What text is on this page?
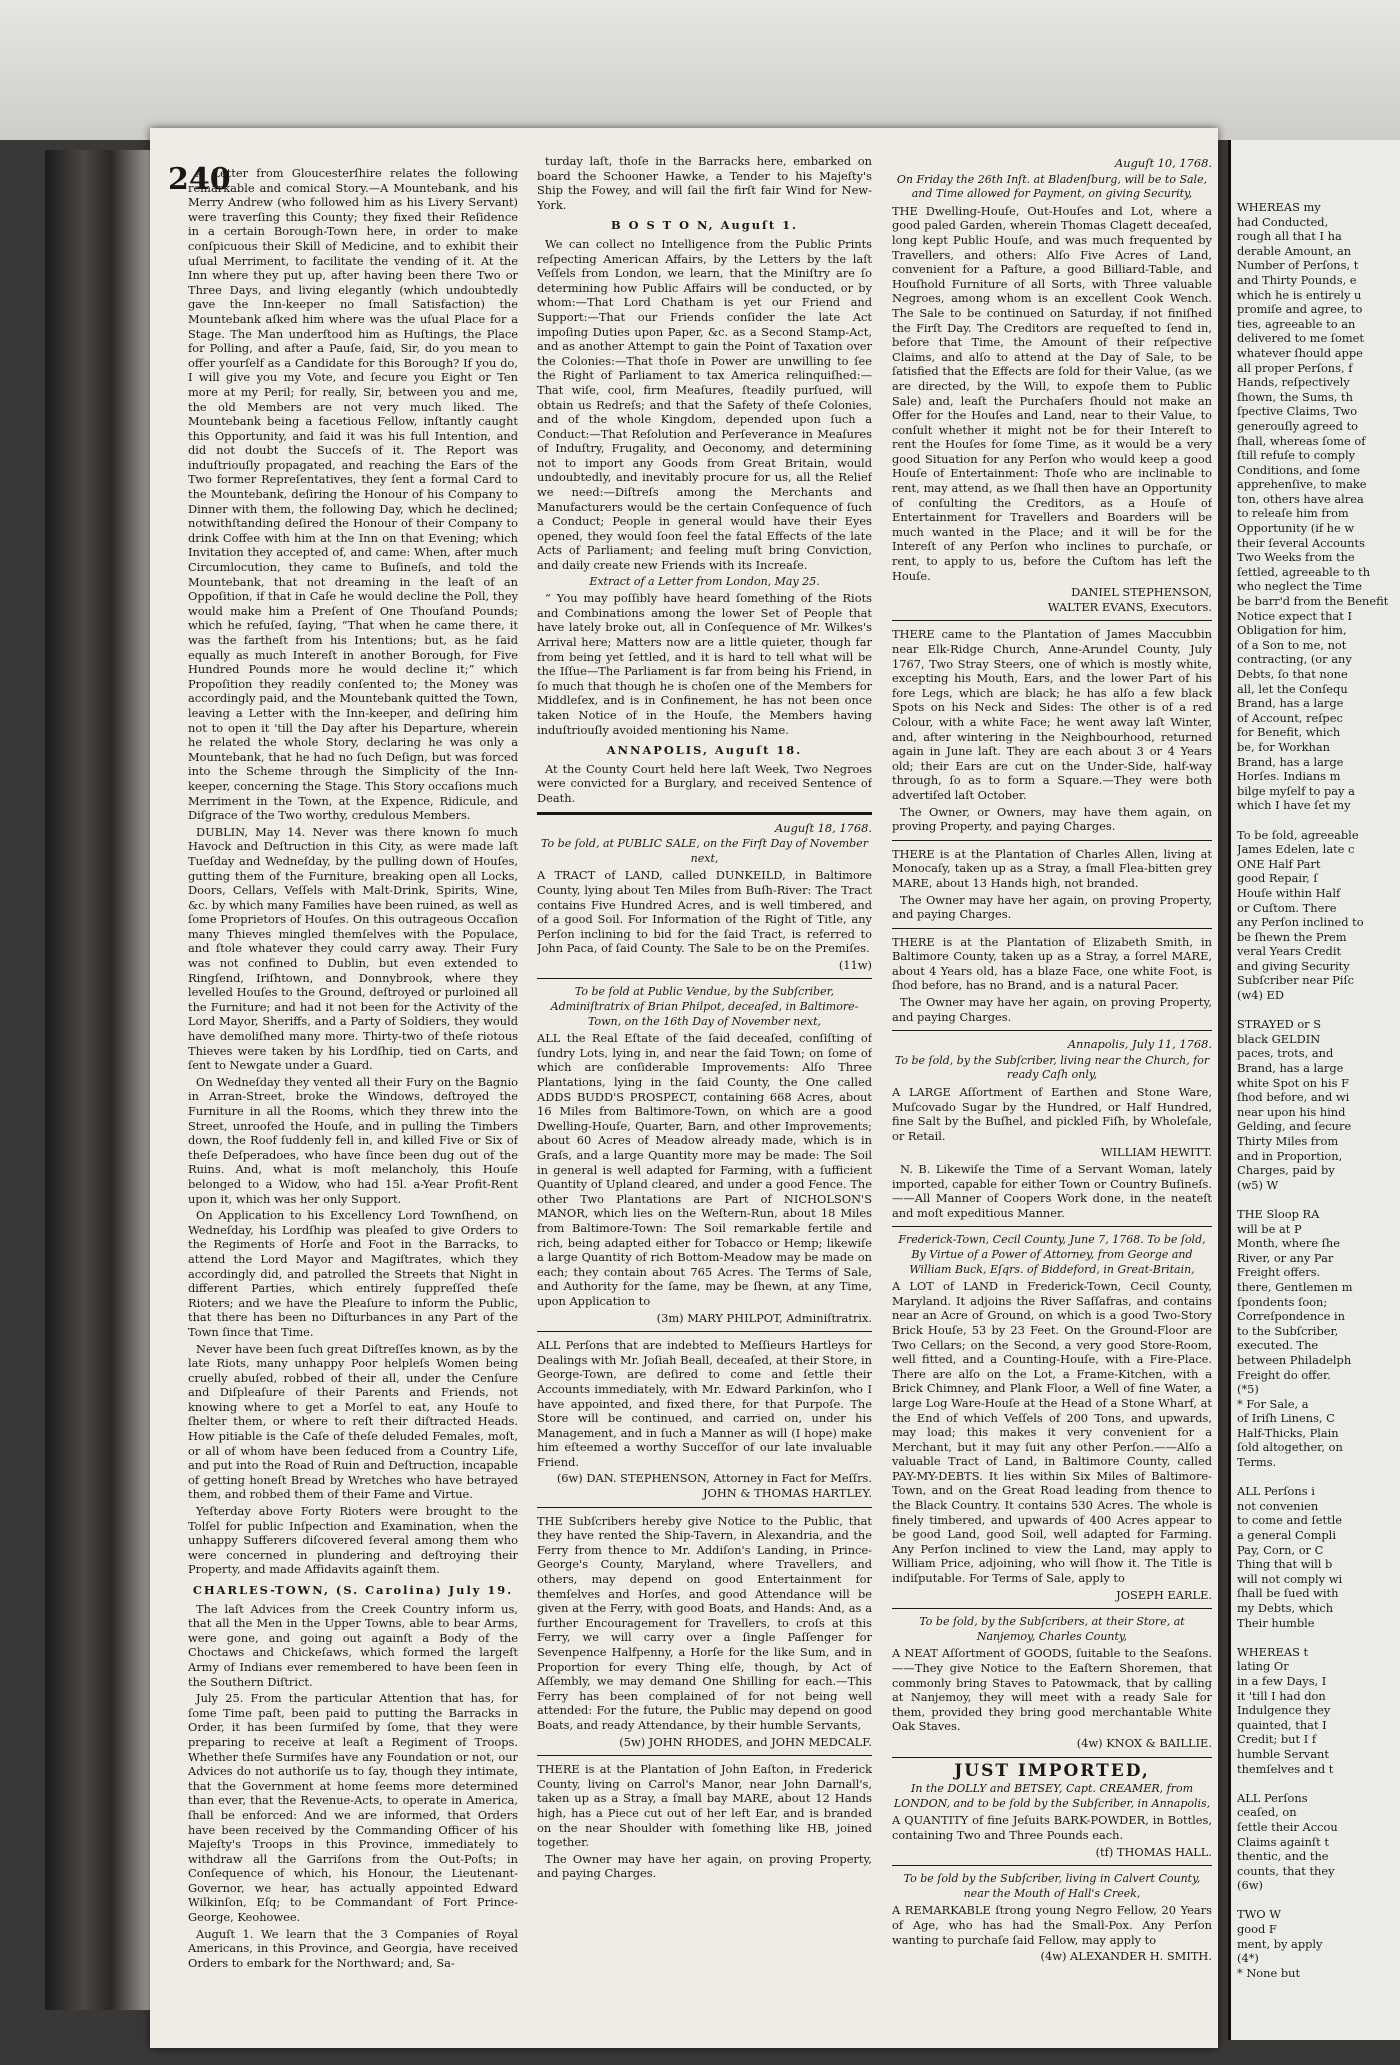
240

A Letter from Gloucesterſhire relates the following remarkable and comical Story.—A Mountebank, and his Merry Andrew (who followed him as his Livery Servant) were traverſing this County; they fixed their Reſidence in a certain Borough-Town here, in order to make conſpicuous their Skill of Medicine, and to exhibit their uſual Merriment, to facilitate the vending of it. At the Inn where they put up, after having been there Two or Three Days, and living elegantly (which undoubtedly gave the Inn-keeper no ſmall Satisfaction) the Mountebank aſked him where was the uſual Place for a Stage. The Man underſtood him as Huſtings, the Place for Polling, and after a Pauſe, ſaid, Sir, do you mean to offer yourſelf as a Candidate for this Borough? If you do, I will give you my Vote, and ſecure you Eight or Ten more at my Peril; for really, Sir, between you and me, the old Members are not very much liked. The Mountebank being a facetious Fellow, inſtantly caught this Opportunity, and ſaid it was his full Intention, and did not doubt the Succeſs of it. The Report was induſtriouſly propagated, and reaching the Ears of the Two former Repreſentatives, they ſent a formal Card to the Mountebank, deſiring the Honour of his Company to Dinner with them, the following Day, which he declined; notwithſtanding deſired the Honour of their Company to drink Coffee with him at the Inn on that Evening; which Invitation they accepted of, and came: When, after much Circumlocution, they came to Buſineſs, and told the Mountebank, that not dreaming in the leaſt of an Oppoſition, if that in Caſe he would decline the Poll, they would make him a Preſent of One Thouſand Pounds; which he refuſed, ſaying, “That when he came there, it was the fartheſt from his Intentions; but, as he ſaid equally as much Intereſt in another Borough, for Five Hundred Pounds more he would decline it;” which Propoſition they readily conſented to; the Money was accordingly paid, and the Mountebank quitted the Town, leaving a Letter with the Inn-keeper, and deſiring him not to open it 'till the Day after his Departure, wherein he related the whole Story, declaring he was only a Mountebank, that he had no ſuch Deſign, but was forced into the Scheme through the Simplicity of the Inn-keeper, concerning the Stage. This Story occaſions much Merriment in the Town, at the Expence, Ridicule, and Diſgrace of the Two worthy, credulous Members.

DUBLIN, May 14. Never was there known ſo much Havock and Deſtruction in this City, as were made laſt Tueſday and Wedneſday, by the pulling down of Houſes, gutting them of the Furniture, breaking open all Locks, Doors, Cellars, Veſſels with Malt-Drink, Spirits, Wine, &c. by which many Families have been ruined, as well as ſome Proprietors of Houſes. On this outrageous Occaſion many Thieves mingled themſelves with the Populace, and ſtole whatever they could carry away. Their Fury was not confined to Dublin, but even extended to Ringſend, Iriſhtown, and Donnybrook, where they levelled Houſes to the Ground, deſtroyed or purloined all the Furniture; and had it not been for the Activity of the Lord Mayor, Sheriffs, and a Party of Soldiers, they would have demoliſhed many more. Thirty-two of theſe riotous Thieves were taken by his Lordſhip, tied on Carts, and ſent to Newgate under a Guard.

On Wedneſday they vented all their Fury on the Bagnio in Arran-Street, broke the Windows, deſtroyed the Furniture in all the Rooms, which they threw into the Street, unroofed the Houſe, and in pulling the Timbers down, the Roof ſuddenly fell in, and killed Five or Six of theſe Deſperadoes, who have ſince been dug out of the Ruins. And, what is moſt melancholy, this Houſe belonged to a Widow, who had 15l. a-Year Profit-Rent upon it, which was her only Support.

On Application to his Excellency Lord Townſhend, on Wedneſday, his Lordſhip was pleaſed to give Orders to the Regiments of Horſe and Foot in the Barracks, to attend the Lord Mayor and Magiſtrates, which they accordingly did, and patrolled the Streets that Night in different Parties, which entirely ſuppreſſed theſe Rioters; and we have the Pleaſure to inform the Public, that there has been no Diſturbances in any Part of the Town ſince that Time.

Never have been ſuch great Diſtreſſes known, as by the late Riots, many unhappy Poor helpleſs Women being cruelly abuſed, robbed of their all, under the Cenſure and Diſpleaſure of their Parents and Friends, not knowing where to get a Morſel to eat, any Houſe to ſhelter them, or where to reſt their diſtracted Heads. How pitiable is the Caſe of theſe deluded Females, moſt, or all of whom have been ſeduced from a Country Life, and put into the Road of Ruin and Deſtruction, incapable of getting honeſt Bread by Wretches who have betrayed them, and robbed them of their Fame and Virtue.

Yeſterday above Forty Rioters were brought to the Tolſel for public Inſpection and Examination, when the unhappy Sufferers diſcovered ſeveral among them who were concerned in plundering and deſtroying their Property, and made Affidavits againſt them.

CHARLES-TOWN, (S. Carolina) July 19.

The laſt Advices from the Creek Country inform us, that all the Men in the Upper Towns, able to bear Arms, were gone, and going out againſt a Body of the Choctaws and Chickeſaws, which formed the largeſt Army of Indians ever remembered to have been ſeen in the Southern Diſtrict.

July 25. From the particular Attention that has, for ſome Time paſt, been paid to putting the Barracks in Order, it has been ſurmiſed by ſome, that they were preparing to receive at leaſt a Regiment of Troops. Whether theſe Surmiſes have any Foundation or not, our Advices do not authoriſe us to ſay, though they intimate, that the Government at home ſeems more determined than ever, that the Revenue-Acts, to operate in America, ſhall be enforced: And we are informed, that Orders have been received by the Commanding Officer of his Majeſty's Troops in this Province, immediately to withdraw all the Garriſons from the Out-Poſts; in Conſequence of which, his Honour, the Lieutenant-Governor, we hear, has actually appointed Edward Wilkinſon, Eſq; to be Commandant of Fort Prince-George, Keohowee.

Auguſt 1. We learn that the 3 Companies of Royal Americans, in this Province, and Georgia, have received Orders to embark for the Northward; and, Sa-

turday laſt, thoſe in the Barracks here, embarked on board the Schooner Hawke, a Tender to his Majeſty's Ship the Fowey, and will ſail the firſt fair Wind for New-York.

B O S T O N, Auguſt 1.

We can collect no Intelligence from the Public Prints reſpecting American Affairs, by the Letters by the laſt Veſſels from London, we learn, that the Miniſtry are ſo determining how Public Affairs will be conducted, or by whom:—That Lord Chatham is yet our Friend and Support:—That our Friends conſider the late Act impoſing Duties upon Paper, &c. as a Second Stamp-Act, and as another Attempt to gain the Point of Taxation over the Colonies:—That thoſe in Power are unwilling to ſee the Right of Parliament to tax America relinquiſhed:—That wiſe, cool, firm Meaſures, ſteadily purſued, will obtain us Redreſs; and that the Safety of theſe Colonies, and of the whole Kingdom, depended upon ſuch a Conduct:—That Reſolution and Perſeverance in Meaſures of Induſtry, Frugality, and Oeconomy, and determining not to import any Goods from Great Britain, would undoubtedly, and inevitably procure for us, all the Relief we need:—Diſtreſs among the Merchants and Manufacturers would be the certain Conſequence of ſuch a Conduct; People in general would have their Eyes opened, they would ſoon feel the fatal Effects of the late Acts of Parliament; and feeling muſt bring Conviction, and daily create new Friends with its Increaſe.

Extract of a Letter from London, May 25.

“ You may poſſibly have heard ſomething of the Riots and Combinations among the lower Set of People that have lately broke out, all in Conſequence of Mr. Wilkes's Arrival here; Matters now are a little quieter, though far from being yet ſettled, and it is hard to tell what will be the Iſſue—The Parliament is far from being his Friend, in ſo much that though he is choſen one of the Members for Middleſex, and is in Confinement, he has not been once taken Notice of in the Houſe, the Members having induſtriouſly avoided mentioning his Name.

ANNAPOLIS, Auguſt 18.

At the County Court held here laſt Week, Two Negroes were convicted for a Burglary, and received Sentence of Death.

Auguſt 18, 1768.
To be ſold, at PUBLIC SALE, on the Firſt Day of November next,

A TRACT of LAND, called DUNKEILD, in Baltimore County, lying about Ten Miles from Buſh-River: The Tract contains Five Hundred Acres, and is well timbered, and of a good Soil. For Information of the Right of Title, any Perſon inclining to bid for the ſaid Tract, is referred to John Paca, of ſaid County. The Sale to be on the Premiſes.

(11w)
To be ſold at Public Vendue, by the Subſcriber, Adminiſtratrix of Brian Philpot, deceaſed, in Baltimore-Town, on the 16th Day of November next,

ALL the Real Eſtate of the ſaid deceaſed, conſiſting of ſundry Lots, lying in, and near the ſaid Town; on ſome of which are conſiderable Improvements: Alſo Three Plantations, lying in the ſaid County, the One called ADDS BUDD'S PROSPECT, containing 668 Acres, about 16 Miles from Baltimore-Town, on which are a good Dwelling-Houſe, Quarter, Barn, and other Improvements; about 60 Acres of Meadow already made, which is in Graſs, and a large Quantity more may be made: The Soil in general is well adapted for Farming, with a ſufficient Quantity of Upland cleared, and under a good Fence. The other Two Plantations are Part of NICHOLSON'S MANOR, which lies on the Weſtern-Run, about 18 Miles from Baltimore-Town: The Soil remarkable fertile and rich, being adapted either for Tobacco or Hemp; likewiſe a large Quantity of rich Bottom-Meadow may be made on each; they contain about 765 Acres. The Terms of Sale, and Authority for the ſame, may be ſhewn, at any Time, upon Application to

(3m) MARY PHILPOT, Adminiſtratrix.

ALL Perſons that are indebted to Meſſieurs Hartleys for Dealings with Mr. Joſiah Beall, deceaſed, at their Store, in George-Town, are deſired to come and ſettle their Accounts immediately, with Mr. Edward Parkinſon, who I have appointed, and fixed there, for that Purpoſe. The Store will be continued, and carried on, under his Management, and in ſuch a Manner as will (I hope) make him eſteemed a worthy Succeſſor of our late invaluable Friend.

(6w) DAN. STEPHENSON, Attorney in Fact for Meſſrs. JOHN & THOMAS HARTLEY.

THE Subſcribers hereby give Notice to the Public, that they have rented the Ship-Tavern, in Alexandria, and the Ferry from thence to Mr. Addiſon's Landing, in Prince-George's County, Maryland, where Travellers, and others, may depend on good Entertainment for themſelves and Horſes, and good Attendance will be given at the Ferry, with good Boats, and Hands: And, as a further Encouragement for Travellers, to croſs at this Ferry, we will carry over a ſingle Paſſenger for Sevenpence Halfpenny, a Horſe for the like Sum, and in Proportion for every Thing elſe, though, by Act of Aſſembly, we may demand One Shilling for each.—This Ferry has been complained of for not being well attended: For the future, the Public may depend on good Boats, and ready Attendance, by their humble Servants,

(5w) JOHN RHODES, and JOHN MEDCALF.

THERE is at the Plantation of John Eaſton, in Frederick County, living on Carrol's Manor, near John Darnall's, taken up as a Stray, a ſmall bay MARE, about 12 Hands high, has a Piece cut out of her left Ear, and is branded on the near Shoulder with ſomething like HB, joined together.

The Owner may have her again, on proving Property, and paying Charges.

Auguſt 10, 1768.
On Friday the 26th Inſt. at Bladenſburg, will be to Sale, and Time allowed for Payment, on giving Security,

THE Dwelling-Houſe, Out-Houſes and Lot, where a good paled Garden, wherein Thomas Clagett deceaſed, long kept Public Houſe, and was much frequented by Travellers, and others: Alſo Five Acres of Land, convenient for a Paſture, a good Billiard-Table, and Houſhold Furniture of all Sorts, with Three valuable Negroes, among whom is an excellent Cook Wench. The Sale to be continued on Saturday, if not finiſhed the Firſt Day. The Creditors are requeſted to ſend in, before that Time, the Amount of their reſpective Claims, and alſo to attend at the Day of Sale, to be ſatisfied that the Effects are ſold for their Value, (as we are directed, by the Will, to expoſe them to Public Sale) and, leaſt the Purchaſers ſhould not make an Offer for the Houſes and Land, near to their Value, to conſult whether it might not be for their Intereſt to rent the Houſes for ſome Time, as it would be a very good Situation for any Perſon who would keep a good Houſe of Entertainment: Thoſe who are inclinable to rent, may attend, as we ſhall then have an Opportunity of conſulting the Creditors, as a Houſe of Entertainment for Travellers and Boarders will be much wanted in the Place; and it will be for the Intereſt of any Perſon who inclines to purchaſe, or rent, to apply to us, before the Cuſtom has left the Houſe.

DANIEL STEPHENSON,
WALTER EVANS, Executors.

THERE came to the Plantation of James Maccubbin near Elk-Ridge Church, Anne-Arundel County, July 1767, Two Stray Steers, one of which is mostly white, excepting his Mouth, Ears, and the lower Part of his fore Legs, which are black; he has alſo a few black Spots on his Neck and Sides: The other is of a red Colour, with a white Face; he went away laſt Winter, and, after wintering in the Neighbourhood, returned again in June laſt. They are each about 3 or 4 Years old; their Ears are cut on the Under-Side, half-way through, ſo as to form a Square.—They were both advertiſed laſt October.

The Owner, or Owners, may have them again, on proving Property, and paying Charges.

THERE is at the Plantation of Charles Allen, living at Monocaſy, taken up as a Stray, a ſmall Flea-bitten grey MARE, about 13 Hands high, not branded.

The Owner may have her again, on proving Property, and paying Charges.

THERE is at the Plantation of Elizabeth Smith, in Baltimore County, taken up as a Stray, a ſorrel MARE, about 4 Years old, has a blaze Face, one white Foot, is ſhod before, has no Brand, and is a natural Pacer.

The Owner may have her again, on proving Property, and paying Charges.

Annapolis, July 11, 1768.
To be ſold, by the Subſcriber, living near the Church, for ready Caſh only,

A LARGE Aſſortment of Earthen and Stone Ware, Muſcovado Sugar by the Hundred, or Half Hundred, fine Salt by the Buſhel, and pickled Fiſh, by Wholeſale, or Retail.

WILLIAM HEWITT.

N. B. Likewiſe the Time of a Servant Woman, lately imported, capable for either Town or Country Buſineſs.——All Manner of Coopers Work done, in the neateſt and moſt expeditious Manner.

Frederick-Town, Cecil County, June 7, 1768. To be ſold, By Virtue of a Power of Attorney, from George and William Buck, Eſqrs. of Biddeford, in Great-Britain,

A LOT of LAND in Frederick-Town, Cecil County, Maryland. It adjoins the River Saſſafras, and contains near an Acre of Ground, on which is a good Two-Story Brick Houſe, 53 by 23 Feet. On the Ground-Floor are Two Cellars; on the Second, a very good Store-Room, well fitted, and a Counting-Houſe, with a Fire-Place. There are alſo on the Lot, a Frame-Kitchen, with a Brick Chimney, and Plank Floor, a Well of fine Water, a large Log Ware-Houſe at the Head of a Stone Wharf, at the End of which Veſſels of 200 Tons, and upwards, may load; this makes it very convenient for a Merchant, but it may ſuit any other Perſon.——Alſo a valuable Tract of Land, in Baltimore County, called PAY-MY-DEBTS. It lies within Six Miles of Baltimore-Town, and on the Great Road leading from thence to the Black Country. It contains 530 Acres. The whole is finely timbered, and upwards of 400 Acres appear to be good Land, good Soil, well adapted for Farming. Any Perſon inclined to view the Land, may apply to William Price, adjoining, who will ſhow it. The Title is indiſputable. For Terms of Sale, apply to

JOSEPH EARLE.
To be ſold, by the Subſcribers, at their Store, at Nanjemoy, Charles County,

A NEAT Aſſortment of GOODS, ſuitable to the Seaſons.——They give Notice to the Eaſtern Shoremen, that commonly bring Staves to Patowmack, that by calling at Nanjemoy, they will meet with a ready Sale for them, provided they bring good merchantable White Oak Staves.

(4w) KNOX & BAILLIE.
JUST IMPORTED,
In the DOLLY and BETSEY, Capt. CREAMER, from LONDON, and to be ſold by the Subſcriber, in Annapolis,

A QUANTITY of fine Jeſuits BARK-POWDER, in Bottles, containing Two and Three Pounds each.

(tf) THOMAS HALL.
To be ſold by the Subſcriber, living in Calvert County, near the Mouth of Hall's Creek,

A REMARKABLE ſtrong young Negro Fellow, 20 Years of Age, who has had the Small-Pox. Any Perſon wanting to purchaſe ſaid Fellow, may apply to

(4w) ALEXANDER H. SMITH.

WHEREAS my

had Conducted,

rough all that I ha

derable Amount, an

Number of Perſons, t

and Thirty Pounds, e

which he is entirely u

promiſe and agree, to

ties, agreeable to an

delivered to me ſomet

whatever ſhould appe

all proper Perſons, f

Hands, reſpectively

ſhown, the Sums, th

ſpective Claims, Two

generouſly agreed to

ſhall, whereas ſome of

ſtill refuſe to comply

Conditions, and ſome

apprehenſive, to make

ton, others have alrea

to releaſe him from

Opportunity (if he w

their ſeveral Accounts

Two Weeks from the

ſettled, agreeable to th

who neglect the Time

be barr'd from the Benefit

Notice expect that I

Obligation for him,

of a Son to me, not

contracting, (or any

Debts, ſo that none

all, let the Conſequ

Brand, has a large

of Account, reſpec

for Benefit, which

be, for Workhan

Brand, has a large

Horſes. Indians m

bilge myſelf to pay a

which I have ſet my

To be ſold, agreeable

James Edelen, late c

ONE Half Part

good Repair, ſ

Houſe within Half

or Cuſtom. There

any Perſon inclined to

be ſhewn the Prem

veral Years Credit

and giving Security

Subſcriber near Piſc

(w4) ED

STRAYED or S

black GELDIN

paces, trots, and

Brand, has a large

white Spot on his F

ſhod before, and wi

near upon his hind

Gelding, and ſecure

Thirty Miles from

and in Proportion,

Charges, paid by

(w5) W

THE Sloop RA

will be at P

Month, where ſhe

River, or any Par

Freight offers.

there, Gentlemen m

ſpondents ſoon;

Correſpondence in

to the Subſcriber,

executed. The

between Philadelph

Freight do offer.

(*5)

* For Sale, a

of Iriſh Linens, C

Half-Thicks, Plain

ſold altogether, on

Terms.

ALL Perſons i

not convenien

to come and ſettle

a general Compli

Pay, Corn, or C

Thing that will b

will not comply wi

ſhall be ſued with

my Debts, which

Their humble

WHEREAS t

lating Or

in a few Days, I

it 'till I had don

Indulgence they

quainted, that I

Credit; but I f

humble Servant

themſelves and t

ALL Perſons

ceaſed, on

ſettle their Accou

Claims againſt t

thentic, and the

counts, that they

(6w)

TWO W

good F

ment, by apply

(4*)

* None but
